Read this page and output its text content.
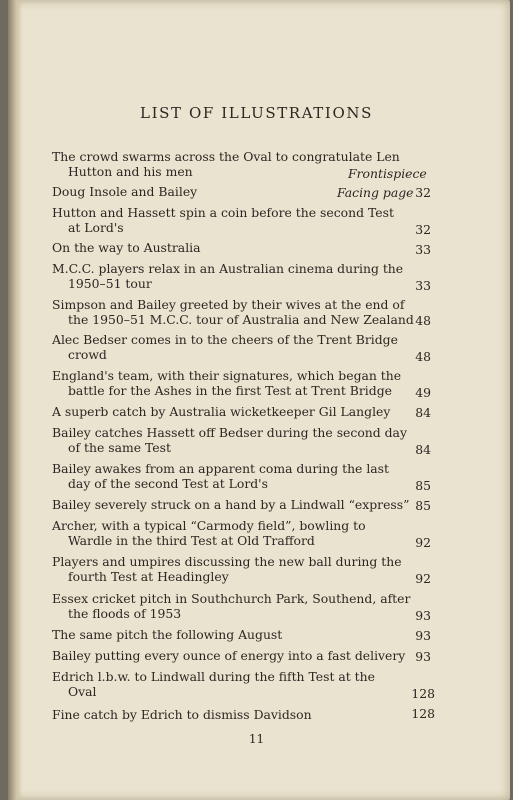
LIST OF ILLUSTRATIONS
The crowd swarms across the Oval to congratulate Len
Hutton and his men	Frontispiece
Doug Insole and Bailey	Facing page 32
Hutton and Hassett spin a coin before the second Test
at Lord's	32
On the way to Australia	33
M.C.C. players relax in an Australian cinema during the
1950–51 tour	33
Simpson and Bailey greeted by their wives at the end of
the 1950–51 M.C.C. tour of Australia and New Zealand 48
Alec Bedser comes in to the cheers of the Trent Bridge
crowd	48
England's team, with their signatures, which began the
battle for the Ashes in the first Test at Trent Bridge	49
A superb catch by Australia wicketkeeper Gil Langley	84
Bailey catches Hassett off Bedser during the second day
of the same Test	84
Bailey awakes from an apparent coma during the last
day of the second Test at Lord's	85
Bailey severely struck on a hand by a Lindwall “express” 85
Archer, with a typical “Carmody field”, bowling to
Wardle in the third Test at Old Trafford	92
Players and umpires discussing the new ball during the
fourth Test at Headingley	92
Essex cricket pitch in Southchurch Park, Southend, after
the floods of 1953	93
The same pitch the following August	93
Bailey putting every ounce of energy into a fast delivery 93
Edrich l.b.w. to Lindwall during the fifth Test at the
Oval	128
Fine catch by Edrich to dismiss Davidson	128
11
